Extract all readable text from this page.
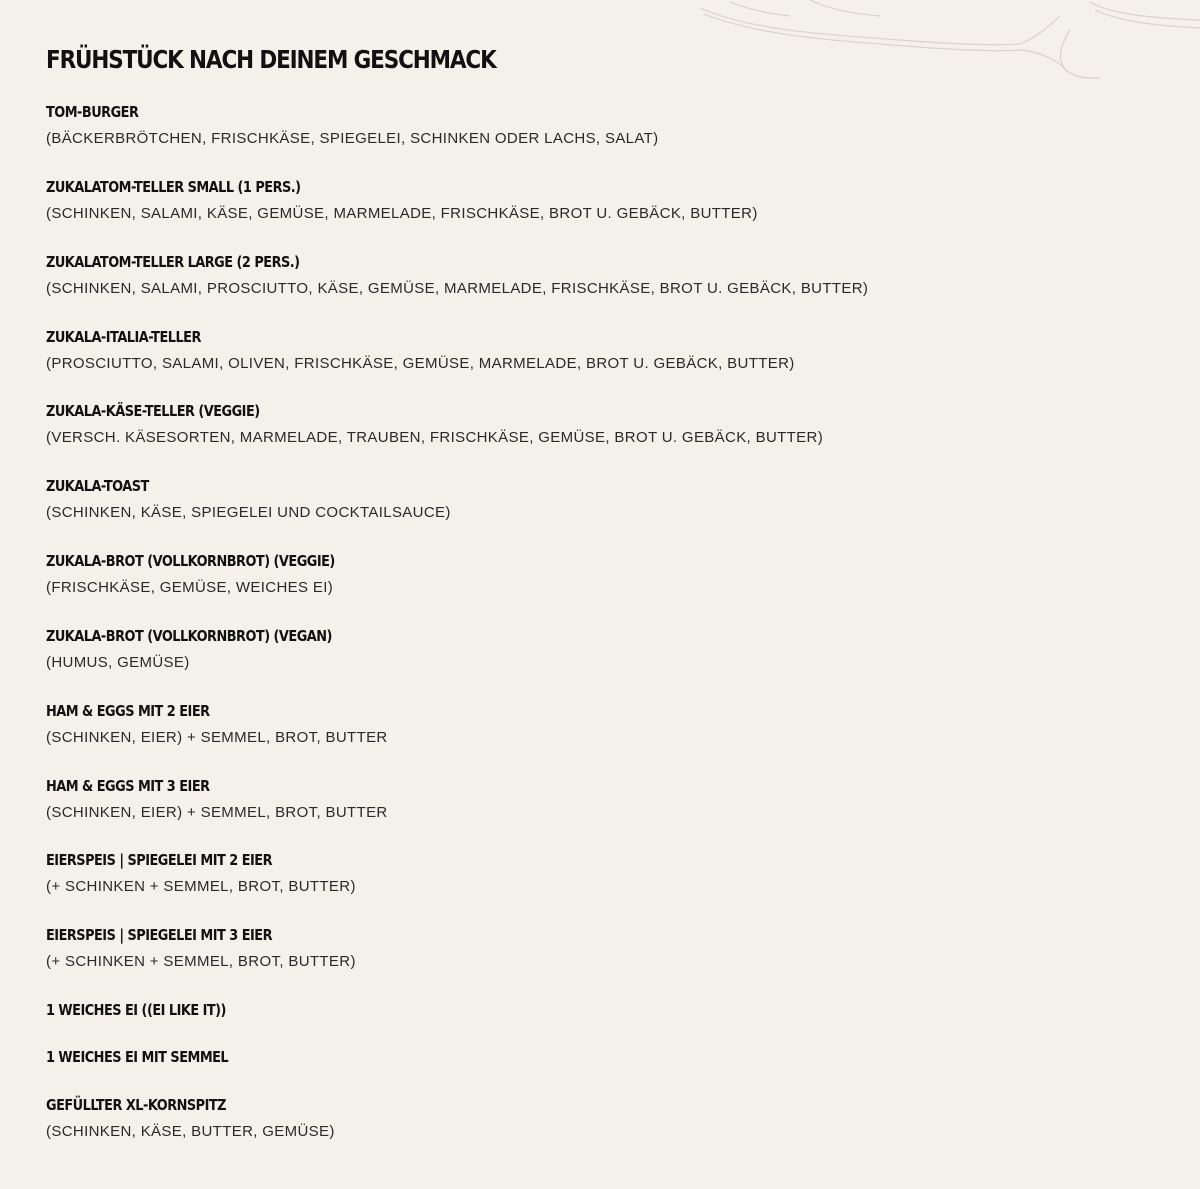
FRÜHSTÜCK NACH DEINEM GESCHMACK
TOM-BURGER
(BÄCKERBRÖTCHEN, FRISCHKÄSE, SPIEGELEI, SCHINKEN ODER LACHS, SALAT)
ZUKALATOM-TELLER SMALL (1 PERS.)
(SCHINKEN, SALAMI, KÄSE, GEMÜSE, MARMELADE, FRISCHKÄSE, BROT U. GEBÄCK, BUTTER)
ZUKALATOM-TELLER LARGE (2 PERS.)
(SCHINKEN, SALAMI, PROSCIUTTO, KÄSE, GEMÜSE, MARMELADE, FRISCHKÄSE, BROT U. GEBÄCK, BUTTER)
ZUKALA-ITALIA-TELLER
(PROSCIUTTO, SALAMI, OLIVEN, FRISCHKÄSE, GEMÜSE, MARMELADE, BROT U. GEBÄCK, BUTTER)
ZUKALA-KÄSE-TELLER (VEGGIE)
(VERSCH. KÄSESORTEN, MARMELADE, TRAUBEN, FRISCHKÄSE, GEMÜSE, BROT U. GEBÄCK, BUTTER)
ZUKALA-TOAST
(SCHINKEN, KÄSE, SPIEGELEI UND COCKTAILSAUCE)
ZUKALA-BROT (VOLLKORNBROT) (VEGGIE)
(FRISCHKÄSE, GEMÜSE, WEICHES EI)
ZUKALA-BROT (VOLLKORNBROT) (VEGAN)
(HUMUS, GEMÜSE)
HAM & EGGS MIT 2 EIER
(SCHINKEN, EIER) + SEMMEL, BROT, BUTTER
HAM & EGGS MIT 3 EIER
(SCHINKEN, EIER) + SEMMEL, BROT, BUTTER
EIERSPEIS | SPIEGELEI MIT 2 EIER
(+ SCHINKEN + SEMMEL, BROT, BUTTER)
EIERSPEIS | SPIEGELEI MIT 3 EIER
(+ SCHINKEN + SEMMEL, BROT, BUTTER)
1 WEICHES EI ((EI LIKE IT))
1 WEICHES EI MIT SEMMEL
GEFÜLLTER XL-KORNSPITZ
(SCHINKEN, KÄSE, BUTTER, GEMÜSE)
